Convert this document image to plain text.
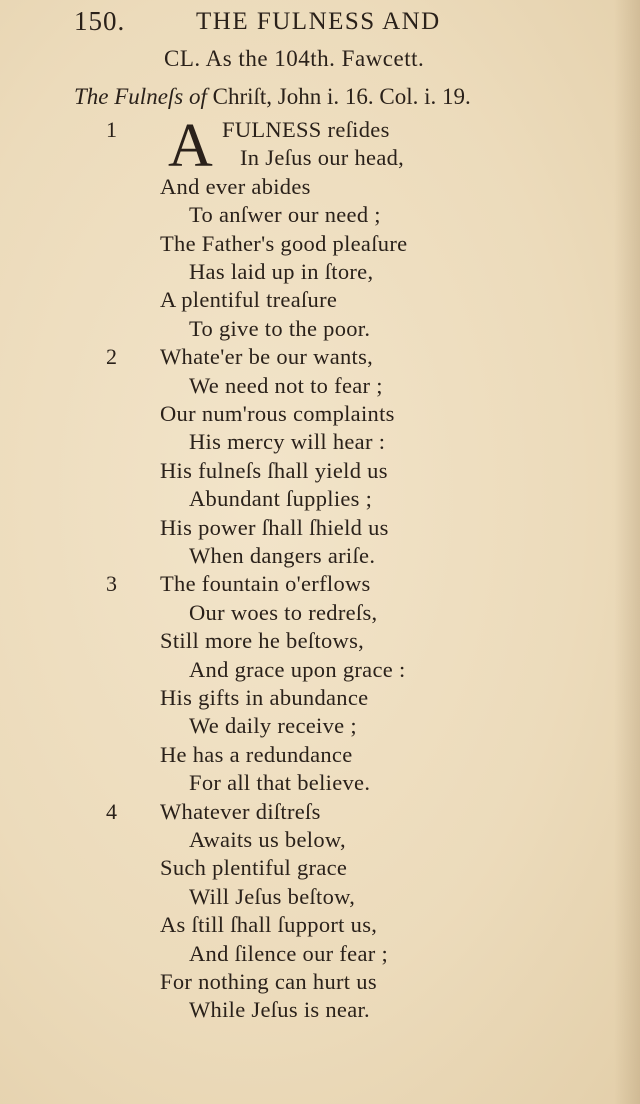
150.	THE FULNESS AND
CL. As the 104th. Fawcett.
The Fulneſs of Chriſt, John i. 16. Col. i. 19.
A
1	FULNESS reſides
In Jeſus our head,
And ever abides
To anſwer our need ;
The Father's good pleaſure
Has laid up in ſtore,
A plentiful treaſure
To give to the poor.
2 Whate'er be our wants,
We need not to fear ;
Our num'rous complaints
His mercy will hear :
His fulneſs ſhall yield us
Abundant ſupplies ;
His power ſhall ſhield us
When dangers ariſe.
3 The fountain o'erflows
Our woes to redreſs,
Still more he beſtows,
And grace upon grace :
His gifts in abundance
We daily receive ;
He has a redundance
For all that believe.
4 Whatever diſtreſs
Awaits us below,
Such plentiful grace
Will Jeſus beſtow,
As ſtill ſhall ſupport us,
And ſilence our fear ;
For nothing can hurt us
While Jeſus is near.
